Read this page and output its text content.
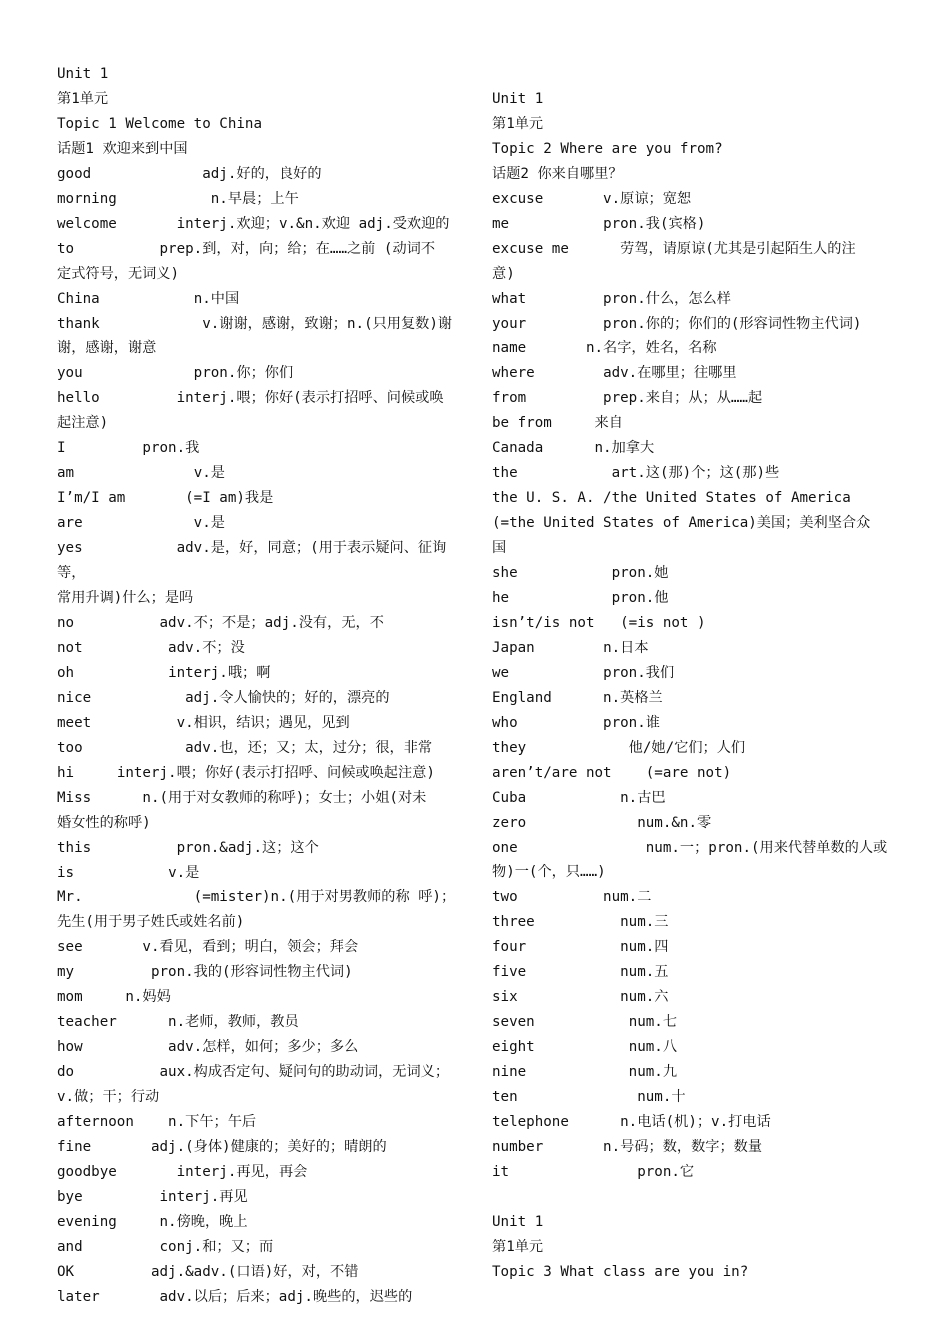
Unit 1
第1单元
Topic 1 Welcome to China
话题1 欢迎来到中国
good	adj.好的，良好的
morning	n.早晨；上午
welcome	interj.欢迎；v.&n.欢迎 adj.受欢迎的
to	prep.到，对，向；给；在……之前 (动词不
定式符号，无词义)
China	n.中国
thank	v.谢谢，感谢，致谢；n.(只用复数)谢
谢，感谢，谢意
you	pron.你；你们
hello	interj.喂；你好(表示打招呼、问候或唤
起注意)
I	pron.我
am	v.是
I’m/I am	(=I am)我是
are	v.是
yes	adv.是，好，同意；(用于表示疑问、征询等，
常用升调)什么；是吗
no	adv.不；不是；adj.没有，无，不
not	adv.不；没
oh	interj.哦；啊
nice	adj.令人愉快的；好的，漂亮的
meet	v.相识，结识；遇见，见到
too	adv.也，还；又；太，过分；很，非常
hi	interj.喂；你好(表示打招呼、问候或唤起注意)
Miss	n.(用于对女教师的称呼)；女士；小姐(对未
婚女性的称呼)
this	pron.&adj.这；这个
is	v.是
Mr.	(=mister)n.(用于对男教师的称 呼)；
先生(用于男子姓氏或姓名前)
see	v.看见，看到；明白，领会；拜会
my	pron.我的(形容词性物主代词)
mom	n.妈妈
teacher	n.老师，教师，教员
how	adv.怎样，如何；多少；多么
do	aux.构成否定句、疑问句的助动词，无词义；
v.做；干；行动
afternoon n.下午；午后
fine	adj.(身体)健康的；美好的；晴朗的
goodbye	interj.再见，再会
bye	interj.再见
evening	n.傍晚，晚上
and	conj.和；又；而
OK	adj.&adv.(口语)好，对，不错
later	adv.以后；后来；adj.晚些的，迟些的
Unit 1
第1单元
Topic 2 Where are you from?
话题2 你来自哪里？
excuse	v.原谅；宽恕
me	pron.我(宾格)
excuse me	劳驾，请原谅(尤其是引起陌生人的注
意)
what	pron.什么，怎么样
your	pron.你的；你们的(形容词性物主代词)
name	n.名字，姓名，名称
where	adv.在哪里；往哪里
from	prep.来自；从；从……起
be from	来自
Canada	n.加拿大
the	art.这(那)个；这(那)些
the U. S. A. /the United States of America
(=the United States of America)美国；美利坚合众
国
she	pron.她
he	pron.他
isn’t/is not (=is not )
Japan	n.日本
we	pron.我们
England	n.英格兰
who	pron.谁
they	他/她/它们；人们
aren’t/are not (=are not)
Cuba	n.古巴
zero	num.&n.零
one	num.一；pron.(用来代替单数的人或
物)一(个，只……)
two	num.二
three	num.三
four	num.四
five	num.五
six	num.六
seven	num.七
eight	num.八
nine	num.九
ten	num.十
telephone	n.电话(机)；v.打电话
number	n.号码；数，数字；数量
it	pron.它
Unit 1
第1单元
Topic 3 What class are you in?
